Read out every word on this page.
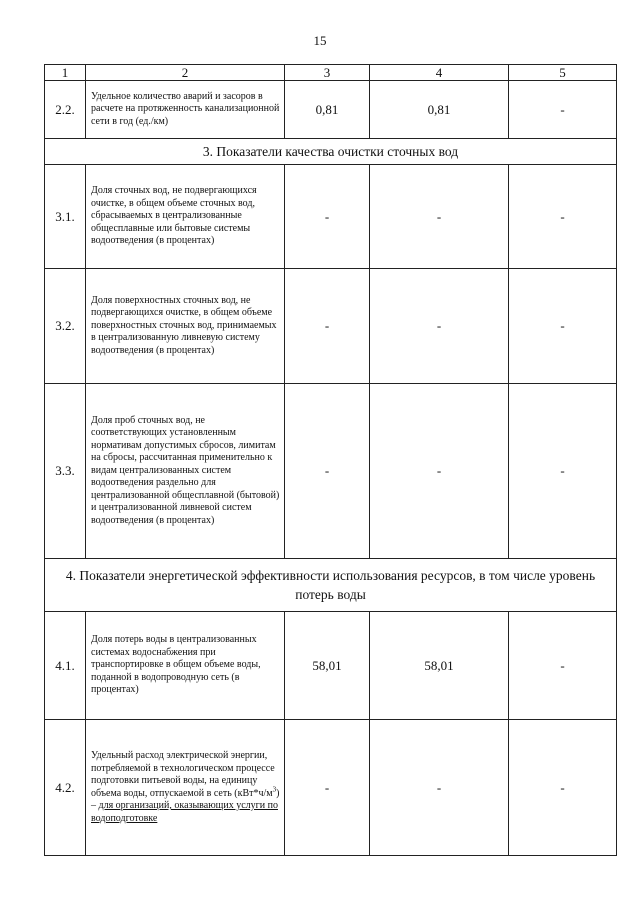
15
1	2	3	4	5
2.2.	Удельное количество аварий и засоров в расчете на протяженность канализационной сети в год (ед./км)	0,81	0,81	-
3. Показатели качества очистки сточных вод				
3.1.	Доля сточных вод, не подвергающихся очистке, в общем объеме сточных вод, сбрасываемых в централизованные общесплавные или бытовые системы водоотведения (в процентах)	-	-	-
3.2.	Доля поверхностных сточных вод, не подвергающихся очистке, в общем объеме поверхностных сточных вод, принимаемых в централизованную ливневую систему водоотведения (в процентах)	-	-	-
3.3.	Доля проб сточных вод, не соответствующих установленным нормативам допустимых сбросов, лимитам на сбросы, рассчитанная применительно к видам централизованных систем водоотведения раздельно для централизованной общесплавной (бытовой) и централизованной ливневой систем водоотведения (в процентах)	-	-	-
4. Показатели энергетической эффективности использования ресурсов, в том числе уровень потерь воды				
4.1.	Доля потерь воды в централизованных системах водоснабжения при транспортировке в общем объеме воды, поданной в водопроводную сеть (в процентах)	58,01	58,01	-
4.2.	Удельный расход электрической энергии, потребляемой в технологическом процессе подготовки питьевой воды, на единицу объема воды, отпускаемой в сеть $(кВт*ч/м^3)$ – для организаций, оказывающих услуги по водоподготовке	-	-	-
